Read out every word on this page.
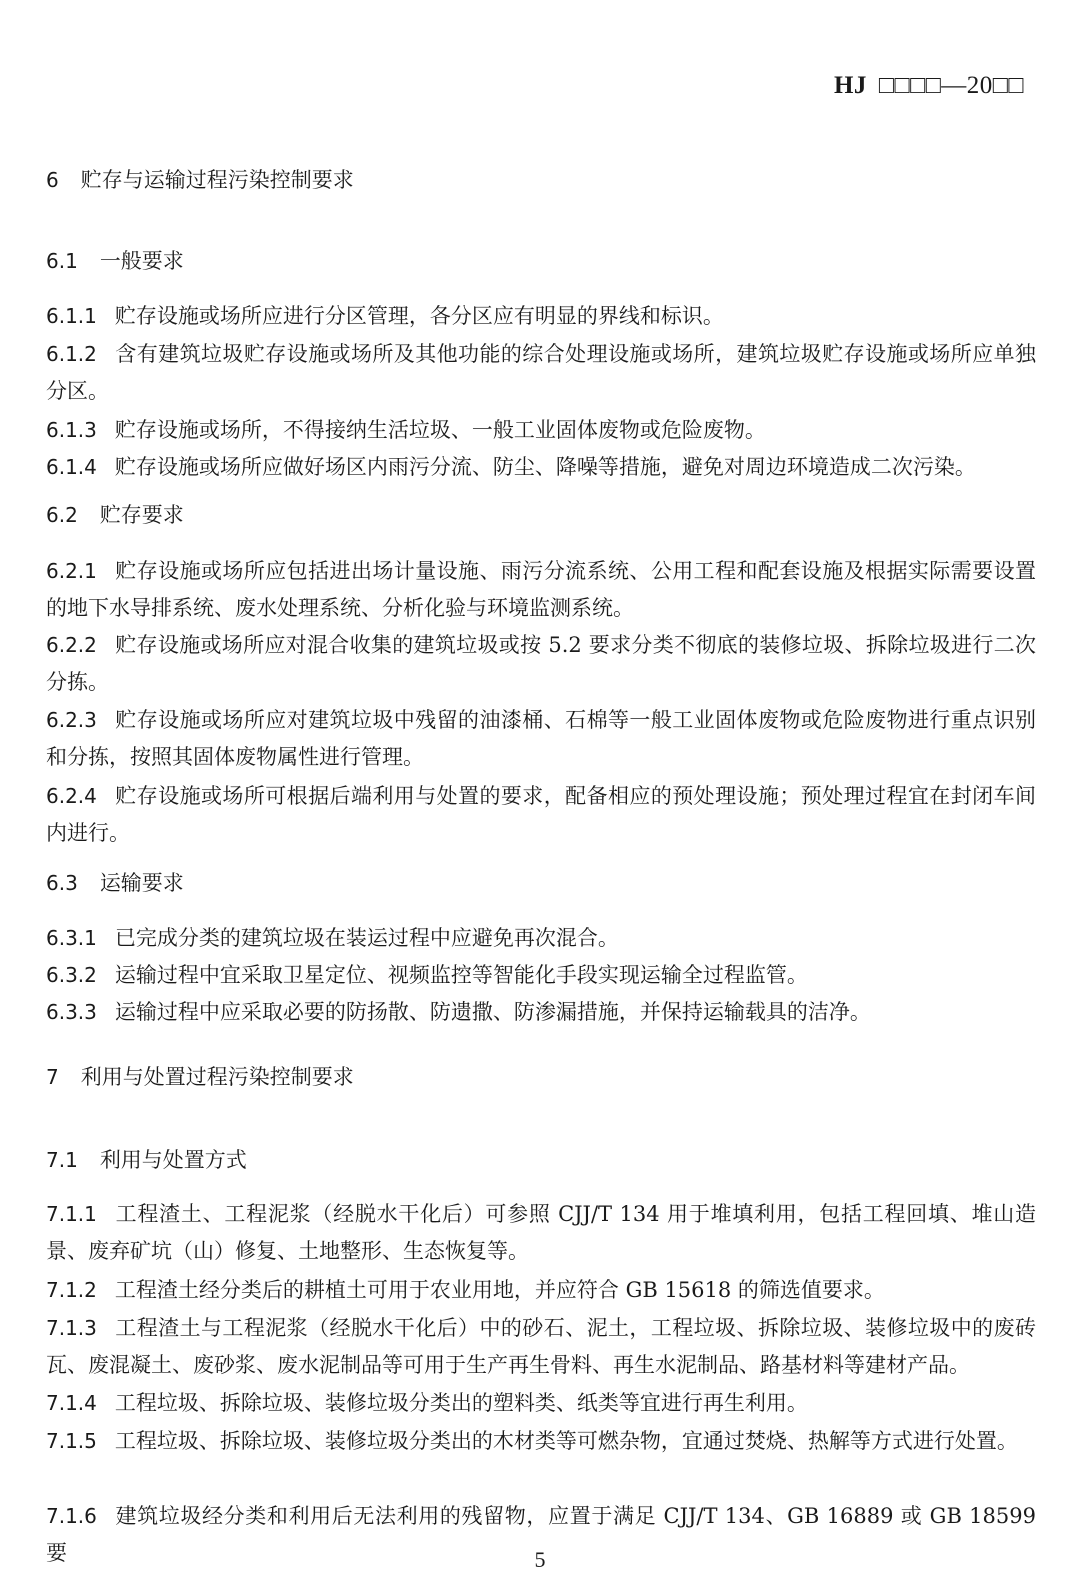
HJ □□□□—20□□
6 贮存与运输过程污染控制要求
6.1 一般要求
6.1.1 贮存设施或场所应进行分区管理，各分区应有明显的界线和标识。
6.1.2 含有建筑垃圾贮存设施或场所及其他功能的综合处理设施或场所，建筑垃圾贮存设施或场所应单独分区。
6.1.3 贮存设施或场所，不得接纳生活垃圾、一般工业固体废物或危险废物。
6.1.4 贮存设施或场所应做好场区内雨污分流、防尘、降噪等措施，避免对周边环境造成二次污染。
6.2 贮存要求
6.2.1 贮存设施或场所应包括进出场计量设施、雨污分流系统、公用工程和配套设施及根据实际需要设置的地下水导排系统、废水处理系统、分析化验与环境监测系统。
6.2.2 贮存设施或场所应对混合收集的建筑垃圾或按 5.2 要求分类不彻底的装修垃圾、拆除垃圾进行二次分拣。
6.2.3 贮存设施或场所应对建筑垃圾中残留的油漆桶、石棉等一般工业固体废物或危险废物进行重点识别和分拣，按照其固体废物属性进行管理。
6.2.4 贮存设施或场所可根据后端利用与处置的要求，配备相应的预处理设施；预处理过程宜在封闭车间内进行。
6.3 运输要求
6.3.1 已完成分类的建筑垃圾在装运过程中应避免再次混合。
6.3.2 运输过程中宜采取卫星定位、视频监控等智能化手段实现运输全过程监管。
6.3.3 运输过程中应采取必要的防扬散、防遗撒、防渗漏措施，并保持运输载具的洁净。
7 利用与处置过程污染控制要求
7.1 利用与处置方式
7.1.1 工程渣土、工程泥浆（经脱水干化后）可参照 CJJ/T 134 用于堆填利用，包括工程回填、堆山造景、废弃矿坑（山）修复、土地整形、生态恢复等。
7.1.2 工程渣土经分类后的耕植土可用于农业用地，并应符合 GB 15618 的筛选值要求。
7.1.3 工程渣土与工程泥浆（经脱水干化后）中的砂石、泥土，工程垃圾、拆除垃圾、装修垃圾中的废砖瓦、废混凝土、废砂浆、废水泥制品等可用于生产再生骨料、再生水泥制品、路基材料等建材产品。
7.1.4 工程垃圾、拆除垃圾、装修垃圾分类出的塑料类、纸类等宜进行再生利用。
7.1.5 工程垃圾、拆除垃圾、装修垃圾分类出的木材类等可燃杂物，宜通过焚烧、热解等方式进行处置。
7.1.6 建筑垃圾经分类和利用后无法利用的残留物，应置于满足 CJJ/T 134、GB 16889 或 GB 18599 要	5
